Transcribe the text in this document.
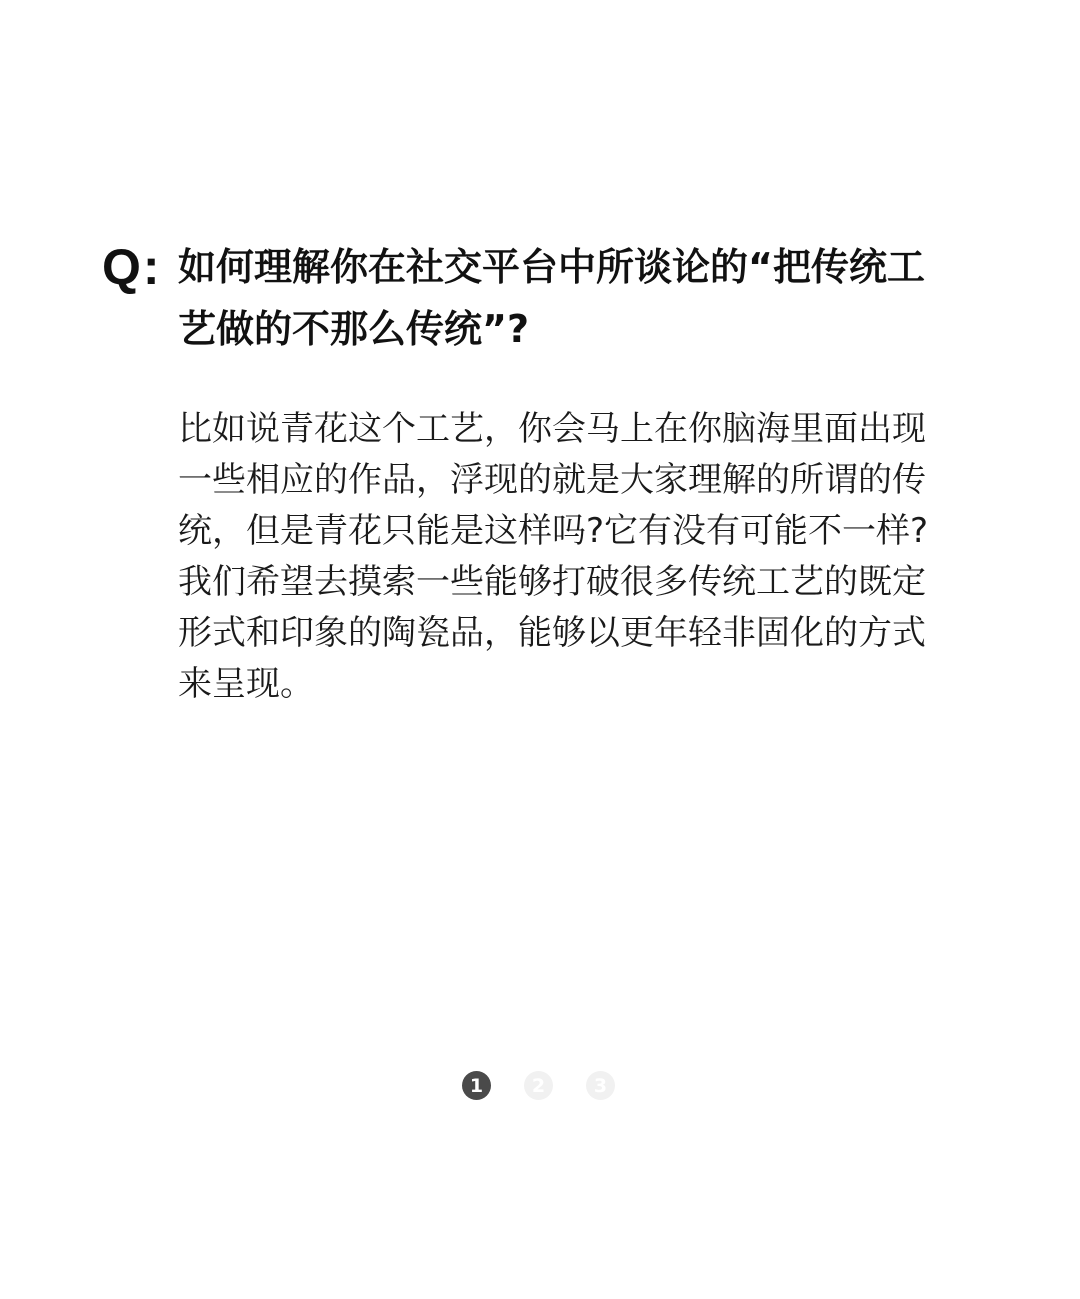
Q: 如何理解你在社交平台中所谈论的“把传统工艺做的不那么传统”?

比如说青花这个工艺，你会马上在你脑海里面出现一些相应的作品，浮现的就是大家理解的所谓的传统，但是青花只能是这样吗?它有没有可能不一样?我们希望去摸索一些能够打破很多传统工艺的既定形式和印象的陶瓷品，能够以更年轻非固化的方式来呈现。

1	2	3
